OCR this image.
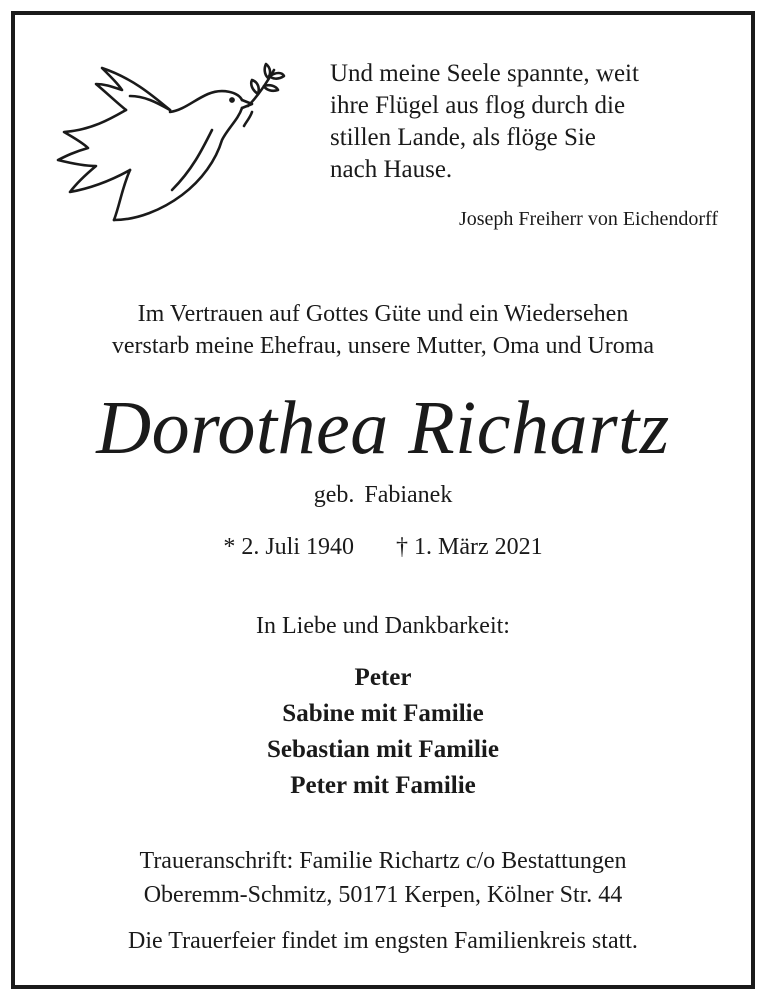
Und meine Seele spannte, weit
ihre Flügel aus flog durch die
stillen Lande, als flöge Sie
nach Hause.
Joseph Freiherr von Eichendorff
Im Vertrauen auf Gottes Güte und ein Wiedersehen
verstarb meine Ehefrau, unsere Mutter, Oma und Uroma
Dorothea Richartz
geb. Fabianek
* 2. Juli 1940 † 1. März 2021
In Liebe und Dankbarkeit:
Peter
Sabine mit Familie
Sebastian mit Familie
Peter mit Familie
Traueranschrift: Familie Richartz c/o Bestattungen
Oberemm-Schmitz, 50171 Kerpen, Kölner Str. 44
Die Trauerfeier findet im engsten Familienkreis statt.
